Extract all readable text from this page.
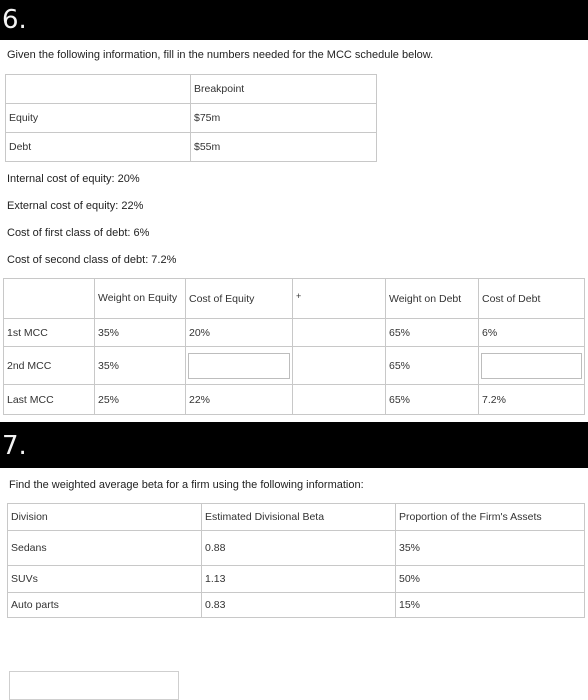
6.
Given the following information, fill in the numbers needed for the MCC schedule below.
	Breakpoint
Equity	$75m
Debt	$55m
Internal cost of equity: 20%
External cost of equity: 22%
Cost of first class of debt: 6%
Cost of second class of debt: 7.2%
	Weight on Equity	Cost of Equity	+	Weight on Debt	Cost of Debt
1st MCC	35%	20%		65%	6%
2nd MCC	35%			65%	

Last MCC	25%	22%		65%	7.2%
7.
Find the weighted average beta for a firm using the following information:
Division	Estimated Divisional Beta	Proportion of the Firm's Assets
Sedans	0.88	35%
SUVs	1.13	50%
Auto parts	0.83	15%
